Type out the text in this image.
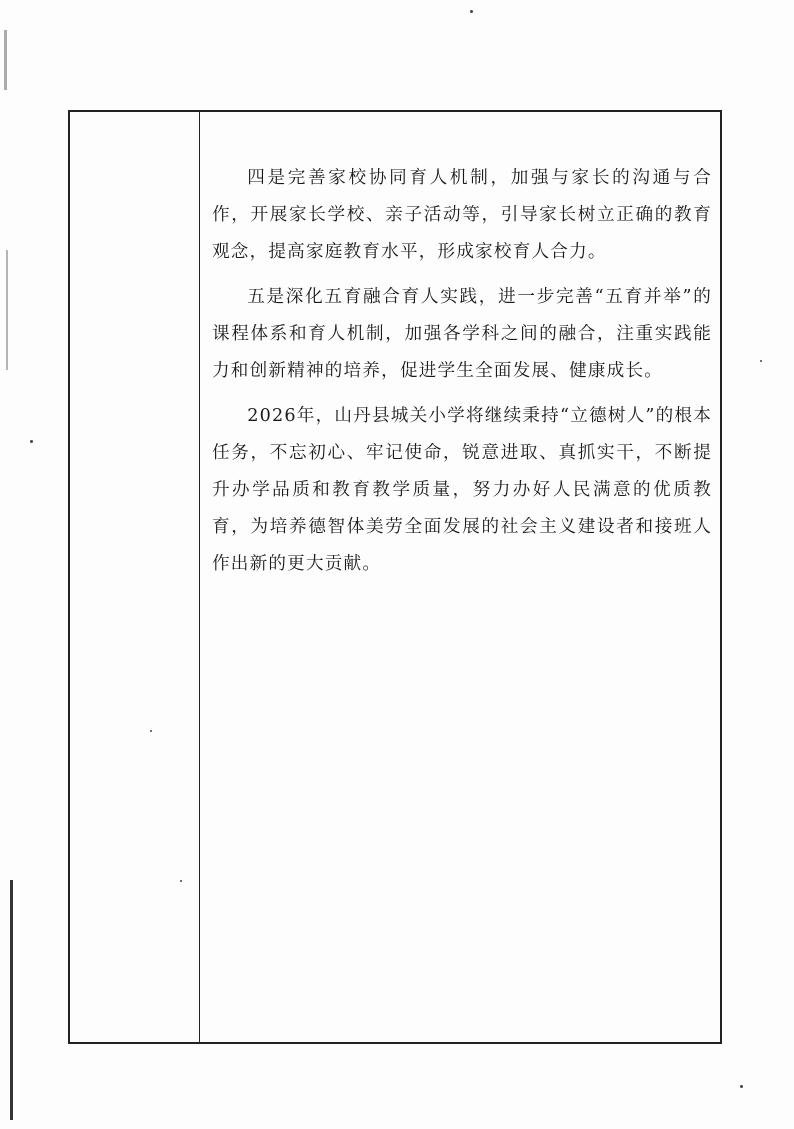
四是完善家校协同育人机制，加强与家长的沟通与合作，开展家长学校、亲子活动等，引导家长树立正确的教育观念，提高家庭教育水平，形成家校育人合力。

五是深化五育融合育人实践，进一步完善“五育并举”的课程体系和育人机制，加强各学科之间的融合，注重实践能力和创新精神的培养，促进学生全面发展、健康成长。

2026年，山丹县城关小学将继续秉持“立德树人”的根本任务，不忘初心、牢记使命，锐意进取、真抓实干，不断提升办学品质和教育教学质量，努力办好人民满意的优质教育，为培养德智体美劳全面发展的社会主义建设者和接班人作出新的更大贡献。
